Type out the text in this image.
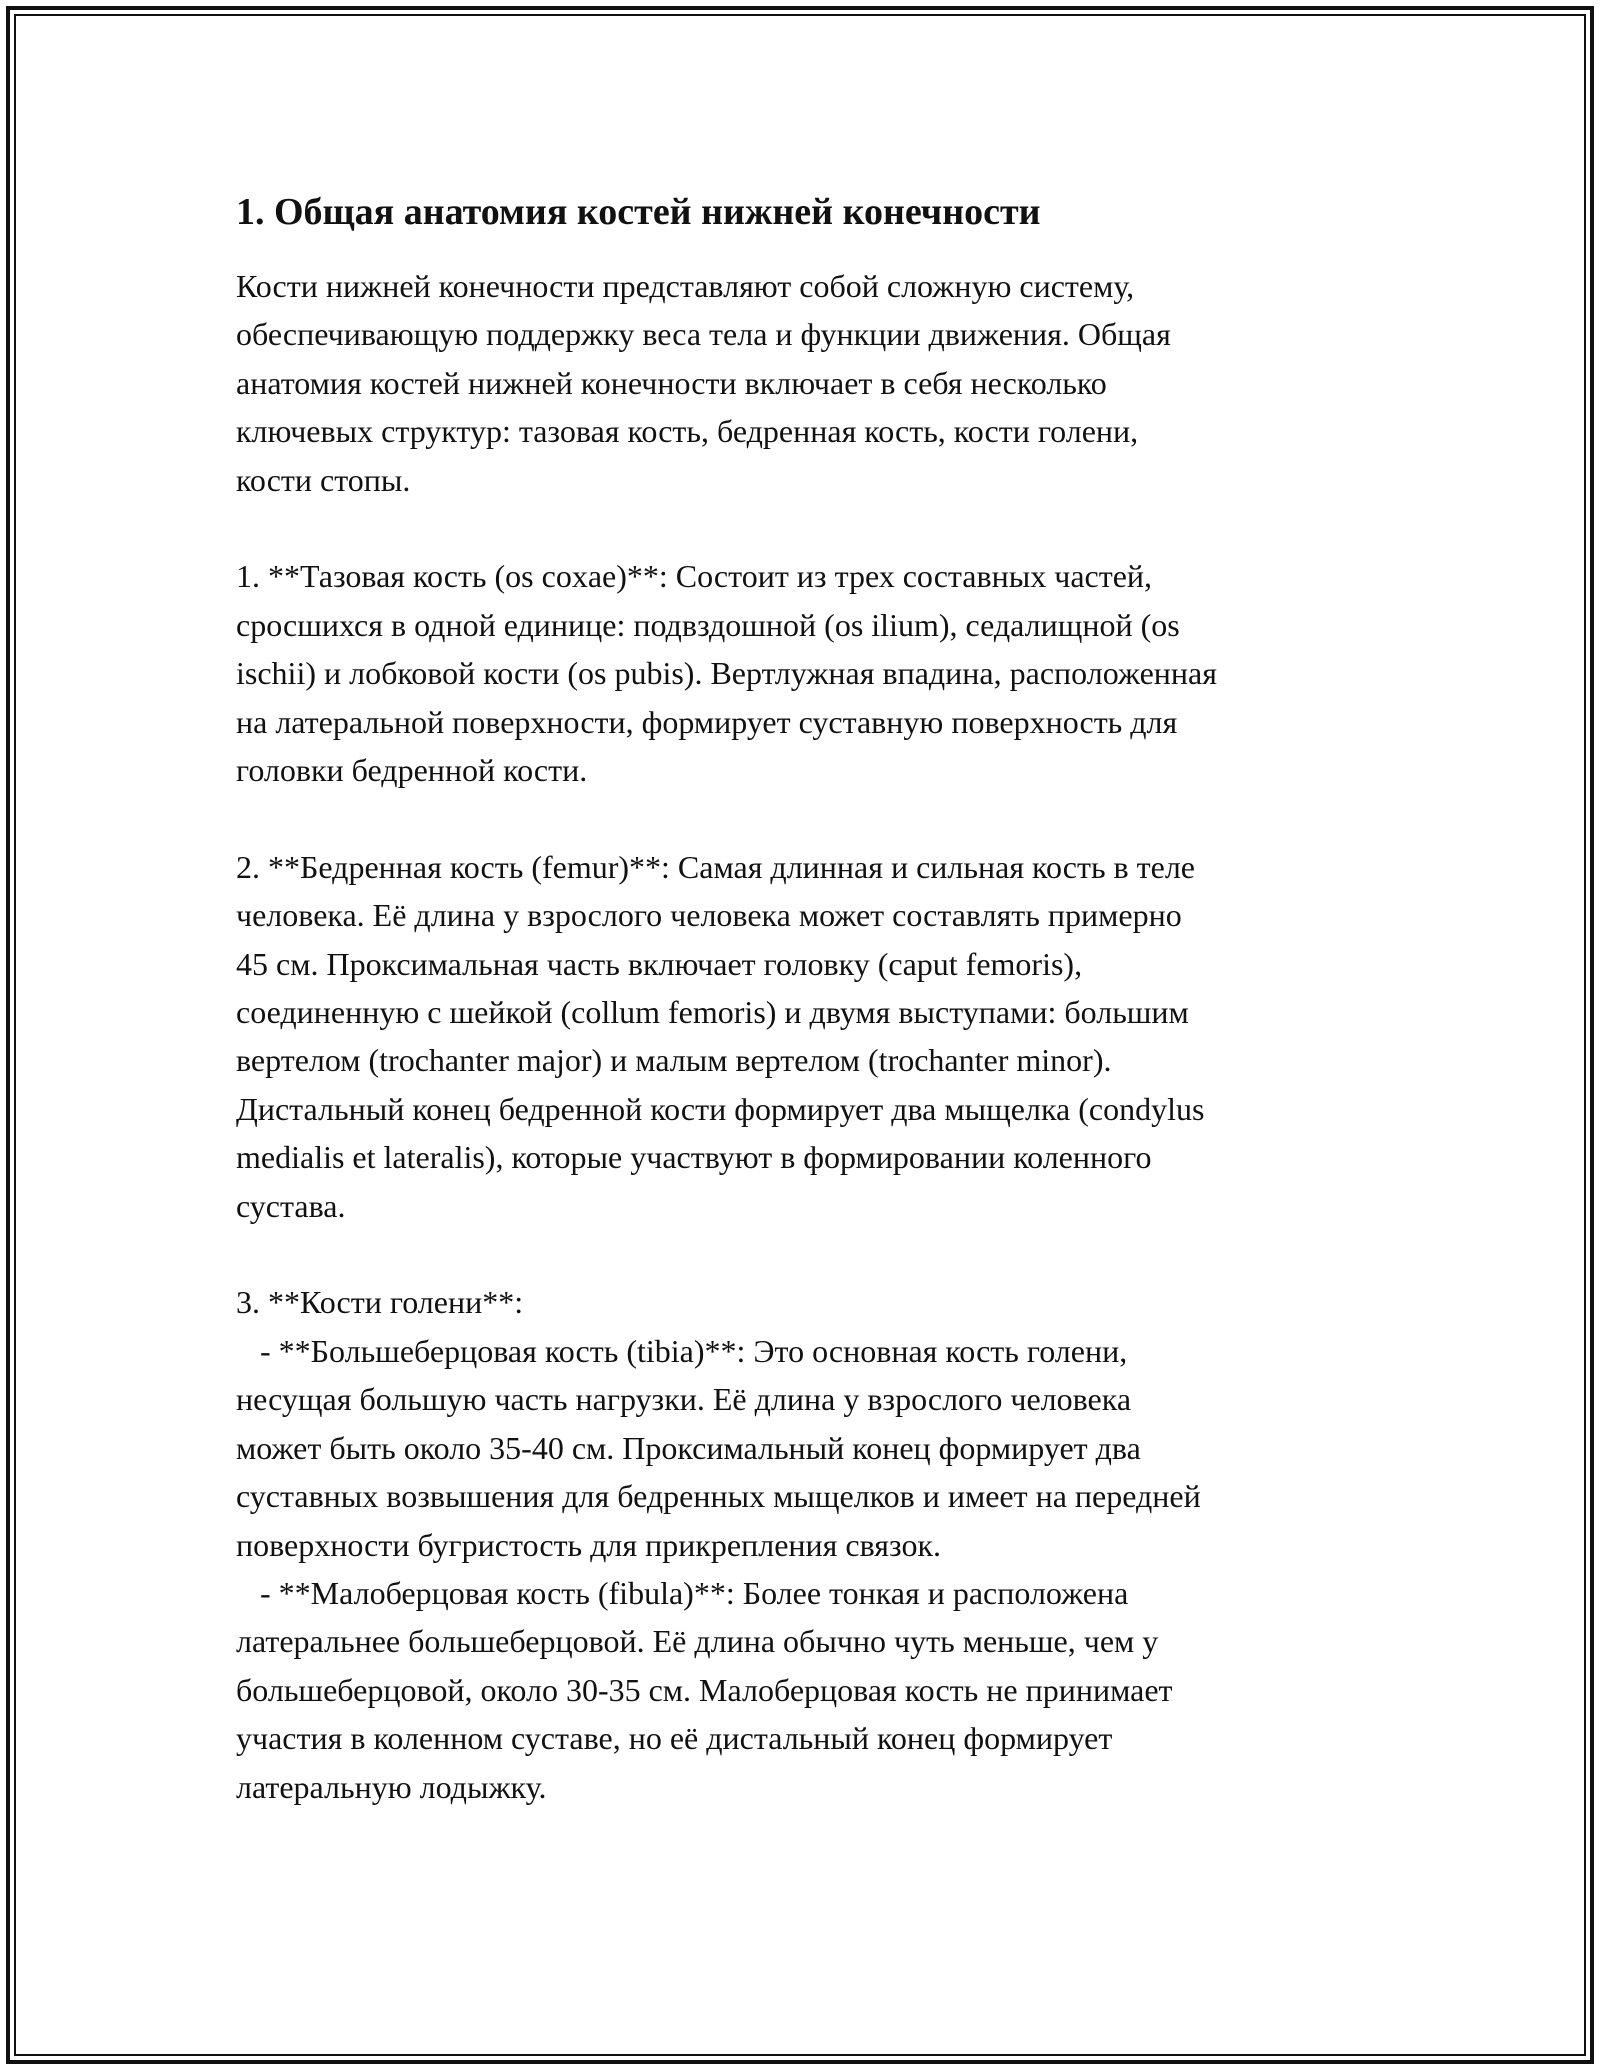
1. Общая анатомия костей нижней конечности
Кости нижней конечности представляют собой сложную систему,
обеспечивающую поддержку веса тела и функции движения. Общая
анатомия костей нижней конечности включает в себя несколько
ключевых структур: тазовая кость, бедренная кость, кости голени,
кости стопы.
1. **Тазовая кость (os coxae)**: Состоит из трех составных частей,
сросшихся в одной единице: подвздошной (os ilium), седалищной (os
ischii) и лобковой кости (os pubis). Вертлужная впадина, расположенная
на латеральной поверхности, формирует суставную поверхность для
головки бедренной кости.
2. **Бедренная кость (femur)**: Самая длинная и сильная кость в теле
человека. Её длина у взрослого человека может составлять примерно
45 см. Проксимальная часть включает головку (caput femoris),
соединенную с шейкой (collum femoris) и двумя выступами: большим
вертелом (trochanter major) и малым вертелом (trochanter minor).
Дистальный конец бедренной кости формирует два мыщелка (condylus
medialis et lateralis), которые участвуют в формировании коленного
сустава.
3. **Кости голени**:
- **Большеберцовая кость (tibia)**: Это основная кость голени,
несущая большую часть нагрузки. Её длина у взрослого человека
может быть около 35-40 см. Проксимальный конец формирует два
суставных возвышения для бедренных мыщелков и имеет на передней
поверхности бугристость для прикрепления связок.
- **Малоберцовая кость (fibula)**: Более тонкая и расположена
латеральнее большеберцовой. Её длина обычно чуть меньше, чем у
большеберцовой, около 30-35 см. Малоберцовая кость не принимает
участия в коленном суставе, но её дистальный конец формирует
латеральную лодыжку.
